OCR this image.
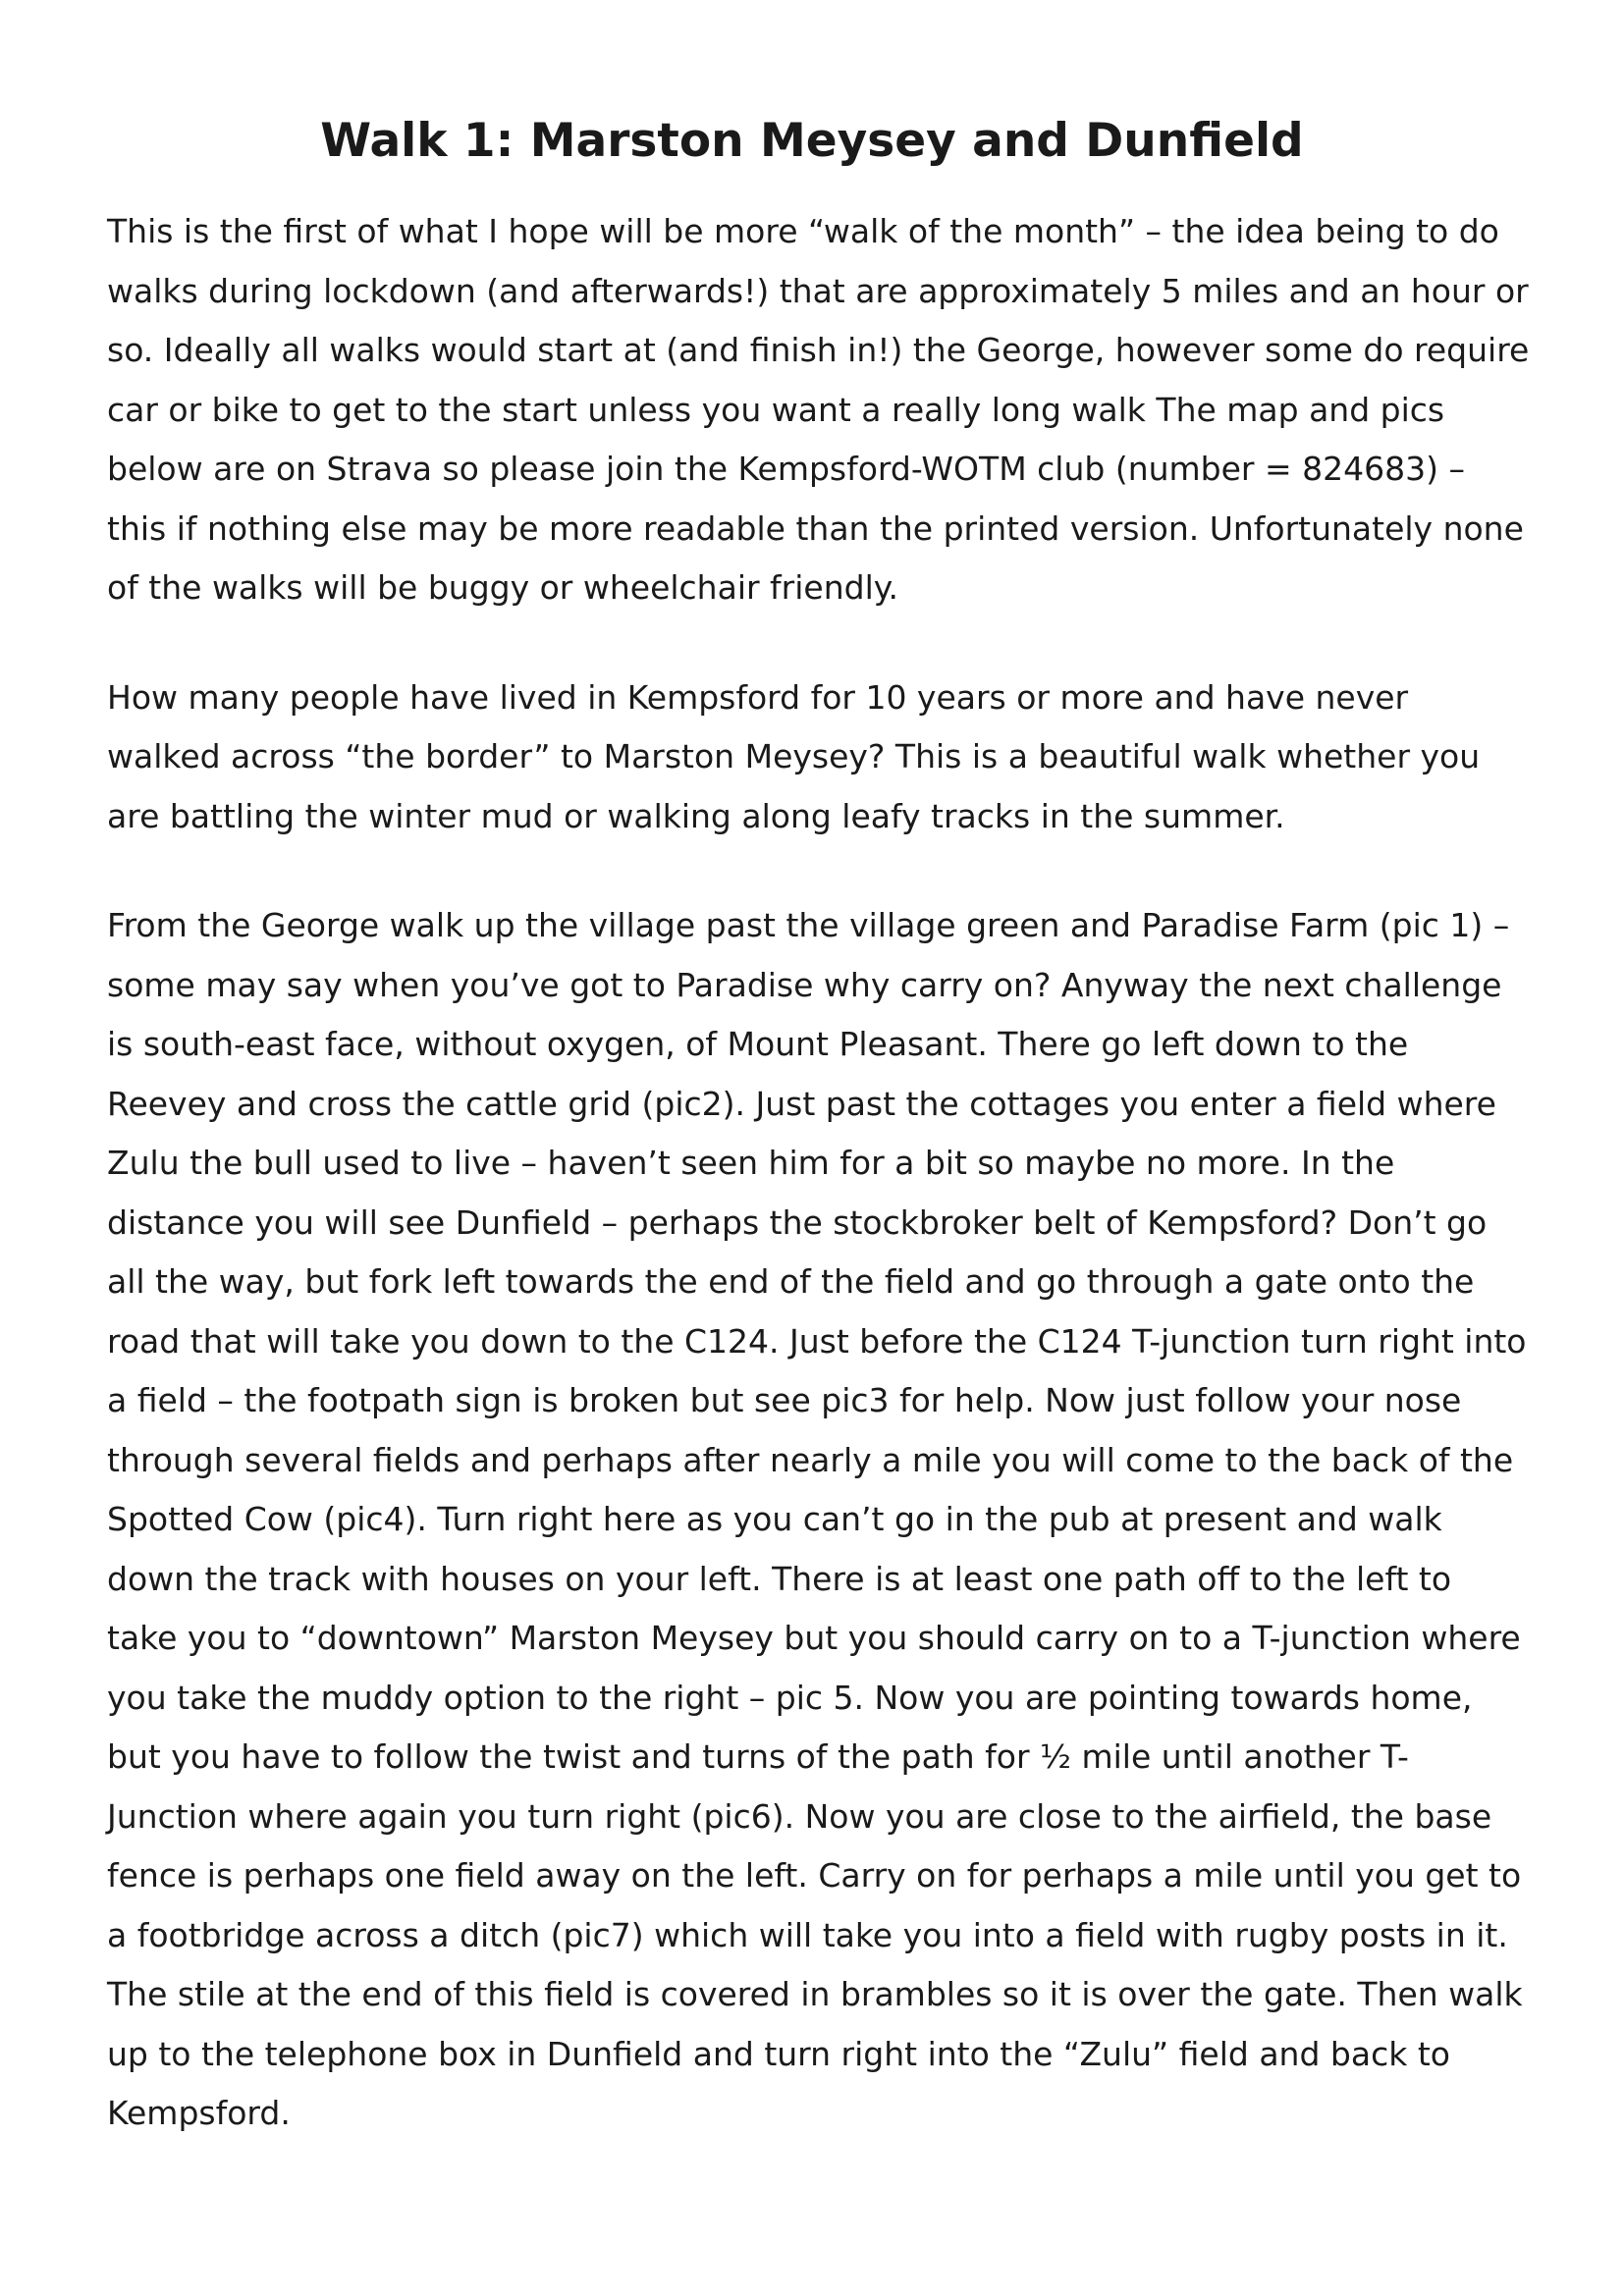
Walk 1: Marston Meysey and Dunfield

This is the first of what I hope will be more “walk of the month” – the idea being to do walks during lockdown (and afterwards!) that are approximately 5 miles and an hour or so. Ideally all walks would start at (and finish in!) the George, however some do require car or bike to get to the start unless you want a really long walk The map and pics below are on Strava so please join the Kempsford-WOTM club (number = 824683) – this if nothing else may be more readable than the printed version. Unfortunately none of the walks will be buggy or wheelchair friendly.

How many people have lived in Kempsford for 10 years or more and have never walked across “the border” to Marston Meysey? This is a beautiful walk whether you are battling the winter mud or walking along leafy tracks in the summer.

From the George walk up the village past the village green and Paradise Farm (pic 1) – some may say when you’ve got to Paradise why carry on? Anyway the next challenge is south-east face, without oxygen, of Mount Pleasant. There go left down to the Reevey and cross the cattle grid (pic2). Just past the cottages you enter a field where Zulu the bull used to live – haven’t seen him for a bit so maybe no more. In the distance you will see Dunfield – perhaps the stockbroker belt of Kempsford? Don’t go all the way, but fork left towards the end of the field and go through a gate onto the road that will take you down to the C124. Just before the C124 T-junction turn right into a field – the footpath sign is broken but see pic3 for help. Now just follow your nose through several fields and perhaps after nearly a mile you will come to the back of the Spotted Cow (pic4). Turn right here as you can’t go in the pub at present and walk down the track with houses on your left. There is at least one path off to the left to take you to “downtown” Marston Meysey but you should carry on to a T-junction where you take the muddy option to the right – pic 5. Now you are pointing towards home, but you have to follow the twist and turns of the path for ½ mile until another T-Junction where again you turn right (pic6). Now you are close to the airfield, the base fence is perhaps one field away on the left. Carry on for perhaps a mile until you get to a footbridge across a ditch (pic7) which will take you into a field with rugby posts in it. The stile at the end of this field is covered in brambles so it is over the gate. Then walk up to the telephone box in Dunfield and turn right into the “Zulu” field and back to Kempsford.
